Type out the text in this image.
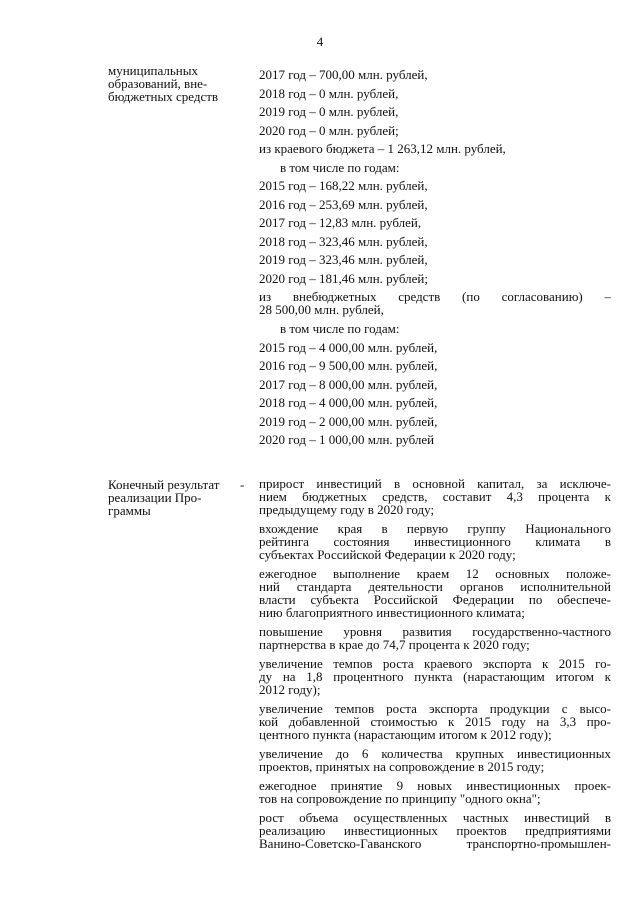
4
муниципальных
образований, вне-
бюджетных средств
2017 год – 700,00 млн. рублей,
2018 год – 0 млн. рублей,
2019 год – 0 млн. рублей,
2020 год – 0 млн. рублей;
из краевого бюджета – 1 263,12 млн. рублей,
в том числе по годам:
2015 год – 168,22 млн. рублей,
2016 год – 253,69 млн. рублей,
2017 год – 12,83 млн. рублей,
2018 год – 323,46 млн. рублей,
2019 год – 323,46 млн. рублей,
2020 год – 181,46 млн. рублей;
из внебюджетных средств (по согласованию) –
28 500,00 млн. рублей,
в том числе по годам:
2015 год – 4 000,00 млн. рублей,
2016 год – 9 500,00 млн. рублей,
2017 год – 8 000,00 млн. рублей,
2018 год – 4 000,00 млн. рублей,
2019 год – 2 000,00 млн. рублей,
2020 год – 1 000,00 млн. рублей
Конечный результат
реализации Про-
граммы
- прирост инвестиций в основной капитал, за исключе-
нием бюджетных средств, составит 4,3 процента к
предыдущему году в 2020 году;
вхождение края в первую группу Национального
рейтинга состояния инвестиционного климата в
субъектах Российской Федерации к 2020 году;
ежегодное выполнение краем 12 основных положе-
ний стандарта деятельности органов исполнительной
власти субъекта Российской Федерации по обеспече-
нию благоприятного инвестиционного климата;
повышение уровня развития государственно-частного
партнерства в крае до 74,7 процента к 2020 году;
увеличение темпов роста краевого экспорта к 2015 го-
ду на 1,8 процентного пункта (нарастающим итогом к
2012 году);
увеличение темпов роста экспорта продукции с высо-
кой добавленной стоимостью к 2015 году на 3,3 про-
центного пункта (нарастающим итогом к 2012 году);
увеличение до 6 количества крупных инвестиционных
проектов, принятых на сопровождение в 2015 году;
ежегодное принятие 9 новых инвестиционных проек-
тов на сопровождение по принципу "одного окна";
рост объема осуществленных частных инвестиций в
реализацию инвестиционных проектов предприятиями
Ванино-Советско-Гаванского транспортно-промышлен-
